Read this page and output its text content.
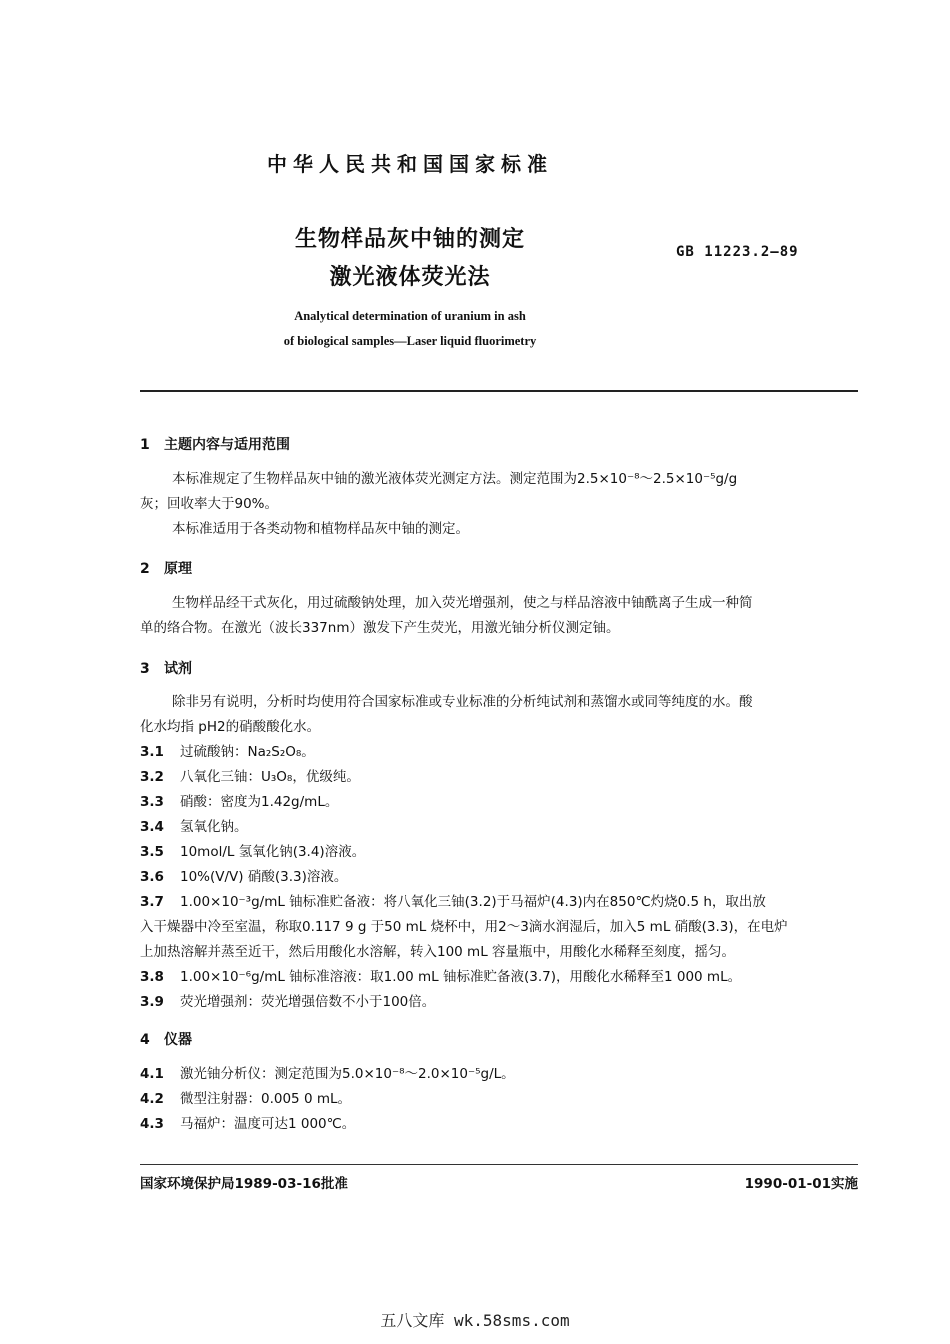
中华人民共和国国家标准
生物样品灰中铀的测定
激光液体荧光法
GB 11223.2—89
Analytical determination of uranium in ash
of biological samples—Laser liquid fluorimetry
1 主题内容与适用范围
本标准规定了生物样品灰中铀的激光液体荧光测定方法。测定范围为2.5×10⁻⁸～2.5×10⁻⁵g/g
灰；回收率大于90%。
本标准适用于各类动物和植物样品灰中铀的测定。
2 原理
生物样品经干式灰化，用过硫酸钠处理，加入荧光增强剂，使之与样品溶液中铀酰离子生成一种简
单的络合物。在激光（波长337nm）激发下产生荧光，用激光铀分析仪测定铀。
3 试剂
除非另有说明，分析时均使用符合国家标准或专业标准的分析纯试剂和蒸馏水或同等纯度的水。酸
化水均指 pH2的硝酸酸化水。
3.1 过硫酸钠：Na₂S₂O₈。
3.2 八氧化三铀：U₃O₈，优级纯。
3.3 硝酸：密度为1.42g/mL。
3.4 氢氧化钠。
3.5 10mol/L 氢氧化钠(3.4)溶液。
3.6 10%(V/V) 硝酸(3.3)溶液。
3.7 1.00×10⁻³g/mL 铀标准贮备液：将八氧化三铀(3.2)于马福炉(4.3)内在850℃灼烧0.5 h，取出放
入干燥器中冷至室温，称取0.117 9 g 于50 mL 烧杯中，用2～3滴水润湿后，加入5 mL 硝酸(3.3)，在电炉
上加热溶解并蒸至近干，然后用酸化水溶解，转入100 mL 容量瓶中，用酸化水稀释至刻度，摇匀。
3.8 1.00×10⁻⁶g/mL 铀标准溶液：取1.00 mL 铀标准贮备液(3.7)，用酸化水稀释至1 000 mL。
3.9 荧光增强剂：荧光增强倍数不小于100倍。
4 仪器
4.1 激光铀分析仪：测定范围为5.0×10⁻⁸～2.0×10⁻⁵g/L。
4.2 微型注射器：0.005 0 mL。
4.3 马福炉：温度可达1 000℃。
国家环境保护局1989-03-16批准	1990-01-01实施
五八文库 wk.58sms.com
